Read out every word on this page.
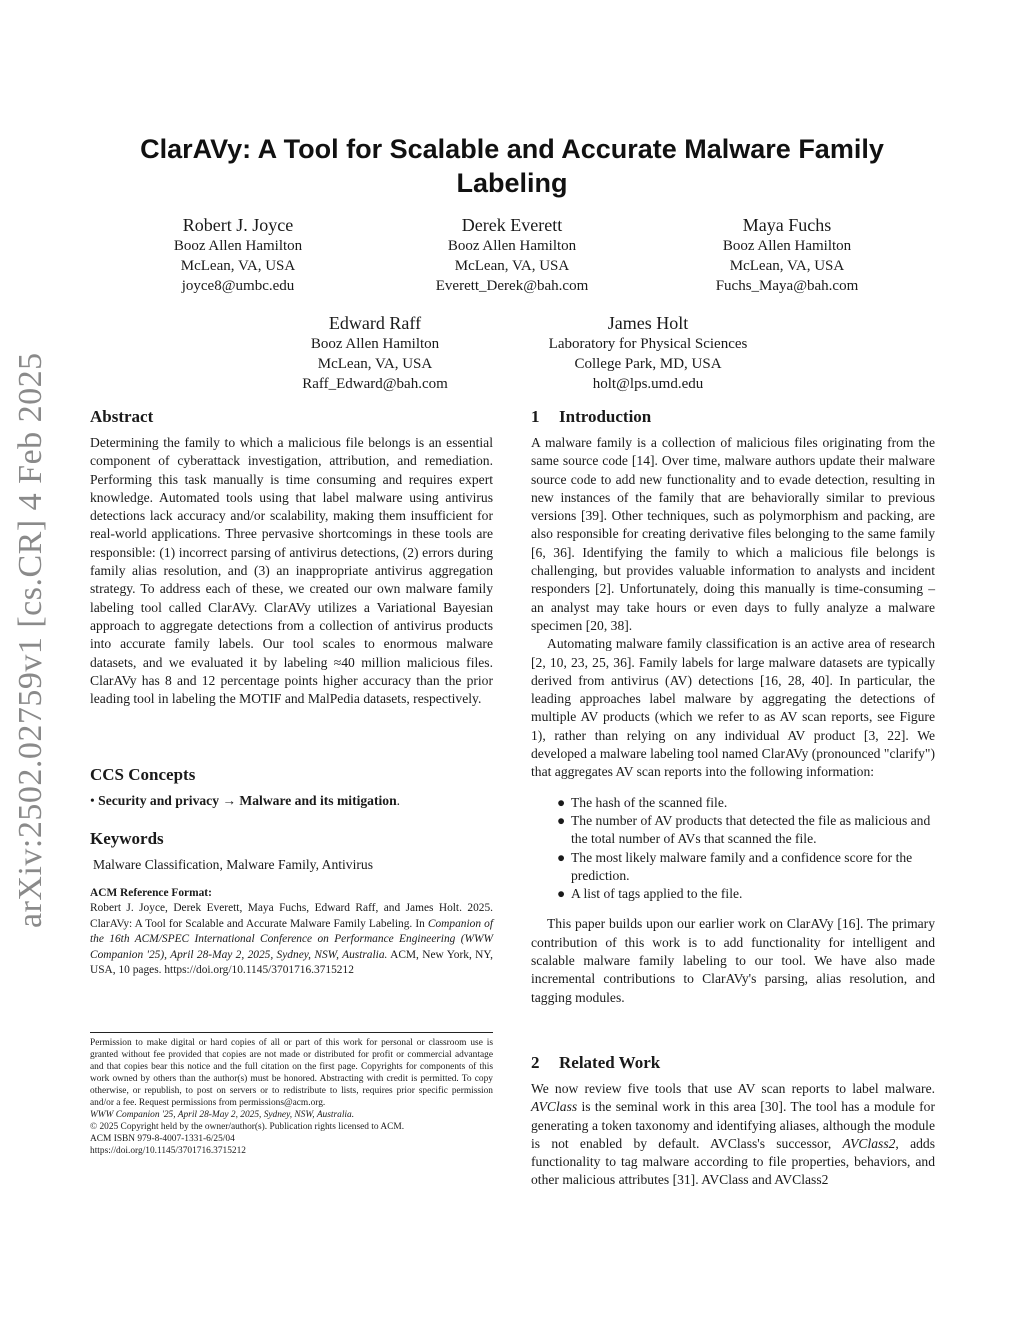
arXiv:2502.02759v1 [cs.CR] 4 Feb 2025
ClarAVy: A Tool for Scalable and Accurate Malware Family Labeling
Robert J. Joyce
Booz Allen Hamilton
McLean, VA, USA
joyce8@umbc.edu
Derek Everett
Booz Allen Hamilton
McLean, VA, USA
Everett_Derek@bah.com
Maya Fuchs
Booz Allen Hamilton
McLean, VA, USA
Fuchs_Maya@bah.com
Edward Raff
Booz Allen Hamilton
McLean, VA, USA
Raff_Edward@bah.com
James Holt
Laboratory for Physical Sciences
College Park, MD, USA
holt@lps.umd.edu
Abstract

Determining the family to which a malicious file belongs is an essential component of cyberattack investigation, attribution, and remediation. Performing this task manually is time consuming and requires expert knowledge. Automated tools using that label malware using antivirus detections lack accuracy and/or scalability, making them insufficient for real-world applications. Three pervasive shortcomings in these tools are responsible: (1) incorrect parsing of antivirus detections, (2) errors during family alias resolution, and (3) an inappropriate antivirus aggregation strategy. To address each of these, we created our own malware family labeling tool called ClarAVy. ClarAVy utilizes a Variational Bayesian approach to aggregate detections from a collection of antivirus products into accurate family labels. Our tool scales to enormous malware datasets, and we evaluated it by labeling ≈40 million malicious files. ClarAVy has 8 and 12 percentage points higher accuracy than the prior leading tool in labeling the MOTIF and MalPedia datasets, respectively.

CCS Concepts

• Security and privacy → Malware and its mitigation.

Keywords

Malware Classification, Malware Family, Antivirus

ACM Reference Format:

Robert J. Joyce, Derek Everett, Maya Fuchs, Edward Raff, and James Holt. 2025. ClarAVy: A Tool for Scalable and Accurate Malware Family Labeling. In Companion of the 16th ACM/SPEC International Conference on Performance Engineering (WWW Companion '25), April 28-May 2, 2025, Sydney, NSW, Australia. ACM, New York, NY, USA, 10 pages. https://doi.org/10.1145/3701716.3715212

Permission to make digital or hard copies of all or part of this work for personal or classroom use is granted without fee provided that copies are not made or distributed for profit or commercial advantage and that copies bear this notice and the full citation on the first page. Copyrights for components of this work owned by others than the author(s) must be honored. Abstracting with credit is permitted. To copy otherwise, or republish, to post on servers or to redistribute to lists, requires prior specific permission and/or a fee. Request permissions from permissions@acm.org.

WWW Companion '25, April 28-May 2, 2025, Sydney, NSW, Australia.

© 2025 Copyright held by the owner/author(s). Publication rights licensed to ACM.

ACM ISBN 979-8-4007-1331-6/25/04

https://doi.org/10.1145/3701716.3715212

1 Introduction

A malware family is a collection of malicious files originating from the same source code [14]. Over time, malware authors update their malware source code to add new functionality and to evade detection, resulting in new instances of the family that are behaviorally similar to previous versions [39]. Other techniques, such as polymorphism and packing, are also responsible for creating derivative files belonging to the same family [6, 36]. Identifying the family to which a malicious file belongs is challenging, but provides valuable information to analysts and incident responders [2]. Unfortunately, doing this manually is time-consuming – an analyst may take hours or even days to fully analyze a malware specimen [20, 38].

Automating malware family classification is an active area of research [2, 10, 23, 25, 36]. Family labels for large malware datasets are typically derived from antivirus (AV) detections [16, 28, 40]. In particular, the leading approaches label malware by aggregating the detections of multiple AV products (which we refer to as AV scan reports, see Figure 1), rather than relying on any individual AV product [3, 22]. We developed a malware labeling tool named ClarAVy (pronounced "clarify") that aggregates AV scan reports into the following information:

● The hash of the scanned file.
● The number of AV products that detected the file as malicious and the total number of AVs that scanned the file.
● The most likely malware family and a confidence score for the prediction.
● A list of tags applied to the file.

This paper builds upon our earlier work on ClarAVy [16]. The primary contribution of this work is to add functionality for intelligent and scalable malware family labeling to our tool. We have also made incremental contributions to ClarAVy's parsing, alias resolution, and tagging modules.

2 Related Work

We now review five tools that use AV scan reports to label malware. AVClass is the seminal work in this area [30]. The tool has a module for generating a token taxonomy and identifying aliases, although the module is not enabled by default. AVClass's successor, AVClass2, adds functionality to tag malware according to file properties, behaviors, and other malicious attributes [31]. AVClass and AVClass2
